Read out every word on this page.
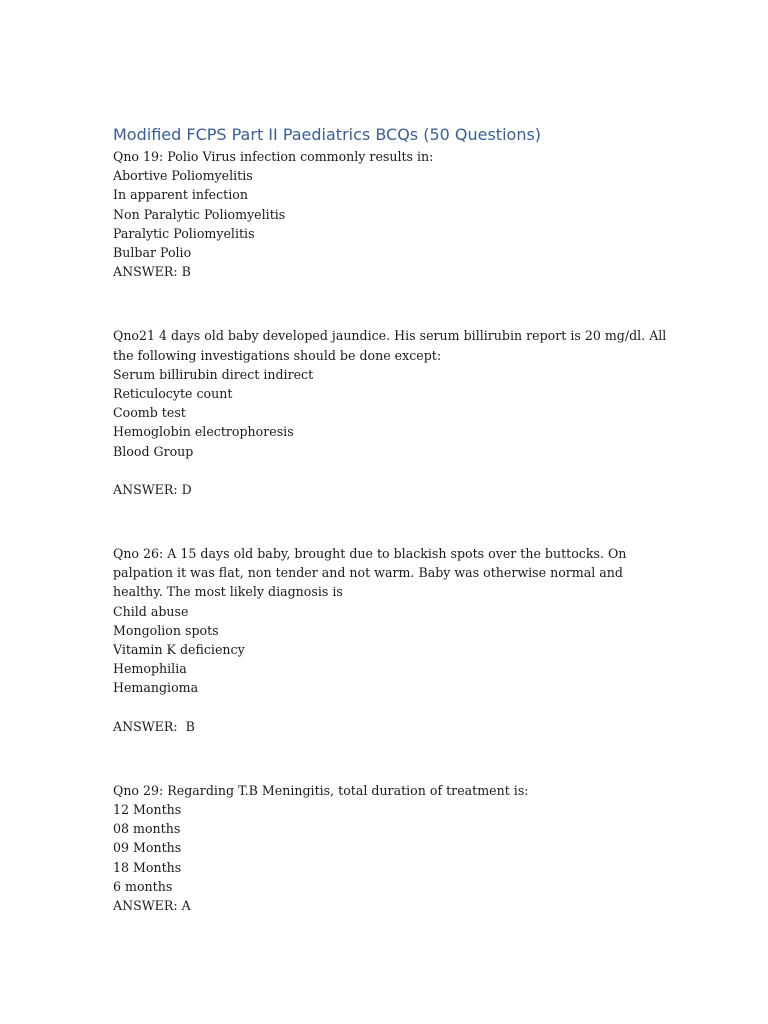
Modified FCPS Part II Paediatrics BCQs (50 Questions)
Qno 19: Polio Virus infection commonly results in:
Abortive Poliomyelitis
In apparent infection
Non Paralytic Poliomyelitis
Paralytic Poliomyelitis
Bulbar Polio
ANSWER: B
Qno21 4 days old baby developed jaundice. His serum billirubin report is 20 mg/dl. All the following investigations should be done except:
Serum billirubin direct indirect
Reticulocyte count
Coomb test
Hemoglobin electrophoresis
Blood Group
ANSWER: D
Qno 26: A 15 days old baby, brought due to blackish spots over the buttocks. On palpation it was flat, non tender and not warm. Baby was otherwise normal and healthy. The most likely diagnosis is
Child abuse
Mongolion spots
Vitamin K deficiency
Hemophilia
Hemangioma
ANSWER:  B
Qno 29: Regarding T.B Meningitis, total duration of treatment is:
12 Months
08 months
09 Months
18 Months
6 months
ANSWER: A
